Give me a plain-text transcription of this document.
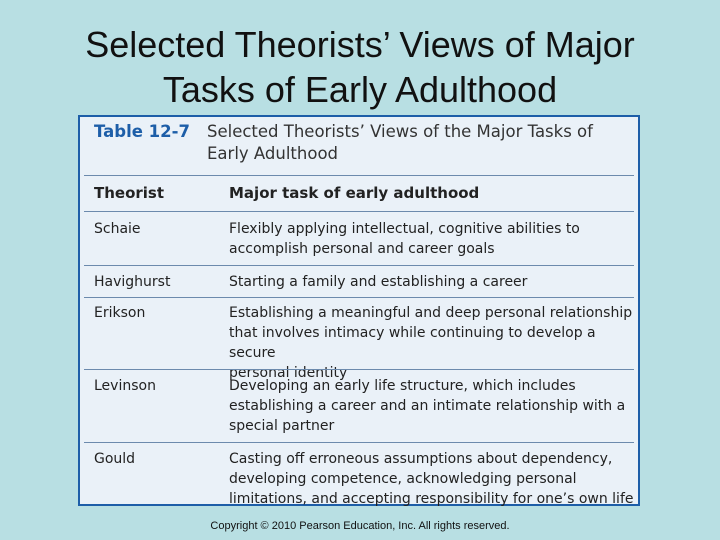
Selected Theorists’ Views of Major
Tasks of Early Adulthood
Table 12-7 Selected Theorists’ Views of the Major Tasks of
Early Adulthood
Theorist	Major task of early adulthood
Schaie	Flexibly applying intellectual, cognitive abilities to
accomplish personal and career goals
Havighurst	Starting a family and establishing a career
Erikson	Establishing a meaningful and deep personal relationship
that involves intimacy while continuing to develop a secure
personal identity
Levinson	Developing an early life structure, which includes
establishing a career and an intimate relationship with a
special partner
Gould	Casting off erroneous assumptions about dependency,
developing competence, acknowledging personal
limitations, and accepting responsibility for one’s own life
Copyright © 2010 Pearson Education, Inc. All rights reserved.
